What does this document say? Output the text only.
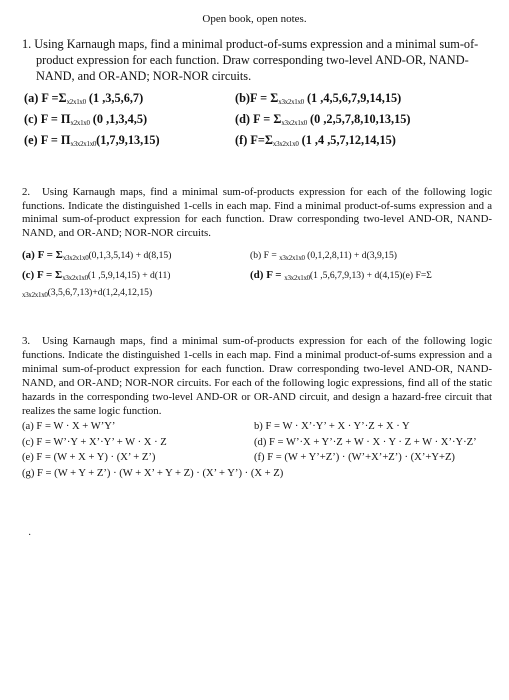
Open book, open notes.
1. Using Karnaugh maps, find a minimal product-of-sums expression and a minimal sum-of-product expression for each function. Draw corresponding two-level AND-OR, NAND-NAND, and OR-AND; NOR-NOR circuits.
(a) $F =\Sigma_{x2x1x0}$ (1 ,3,5,6,7)	$(b)F = \Sigma_{x3x2x1x0}$ (1 ,4,5,6,7,9,14,15)
(c) $F = \Pi_{x2x1x0}$ (0 ,1,3,4,5)	(d) $F = \Sigma_{x3x2x1x0}$ (0 ,2,5,7,8,10,13,15)
(e) $F = \Pi_{x3x2x1x0}(1,7,9,13,15)$	(f) $F=\Sigma_{x3x2x1x0}$ (1 ,4 ,5,7,12,14,15)
2. Using Karnaugh maps, find a minimal sum-of-products expression for each of the following logic functions. Indicate the distinguished 1-cells in each map. Find a minimal product-of-sums expression and a minimal sum-of-product expression for each function. Draw corresponding two-level AND-OR, NAND-NAND, and OR-AND; NOR-NOR circuits.
(a) $F = \Sigma_{x3x2x1x0}(0,1,3,5,14) + d(8,15)$	(b) F = $_{x3x2x1x0}$ (0,1,2,8,11) + d(3,9,15)
(c) $F = \Sigma_{x3x2x1x0}(1$ ,5,9,14,15) + d(11)	(d) F = $_{x3x2x1x0}$(1 ,5,6,7,9,13) + d(4,15)(e) F=Σ
$_{x3x2x1x0}$(3,5,6,7,13)+d(1,2,4,12,15)
3. Using Karnaugh maps, find a minimal sum-of-products expression for each of the following logic functions. Indicate the distinguished 1-cells in each map. Find a minimal product-of-sums expression and a minimal sum-of-product expression for each function. Draw corresponding two-level AND-OR, NAND-NAND, and OR-AND; NOR-NOR circuits. For each of the following logic expressions, find all of the static hazards in the corresponding two-level AND-OR or OR-AND circuit, and design a hazard-free circuit that realizes the same logic function.
(a) F = W · X + W’Y’	b) F = W · X’·Y’ + X · Y’·Z + X · Y
(c) F = W’·Y + X’·Y’ + W · X · Z	(d) F = W’·X + Y’·Z + W · X · Y · Z + W · X’·Y·Z’
(e) F = (W + X + Y) · (X’ + Z’)	(f) F = (W + Y’+Z’) · (W’+X’+Z’) · (X’+Y+Z)
(g) F = (W + Y + Z’) · (W + X’ + Y + Z) · (X’ + Y’) · (X + Z)
·
